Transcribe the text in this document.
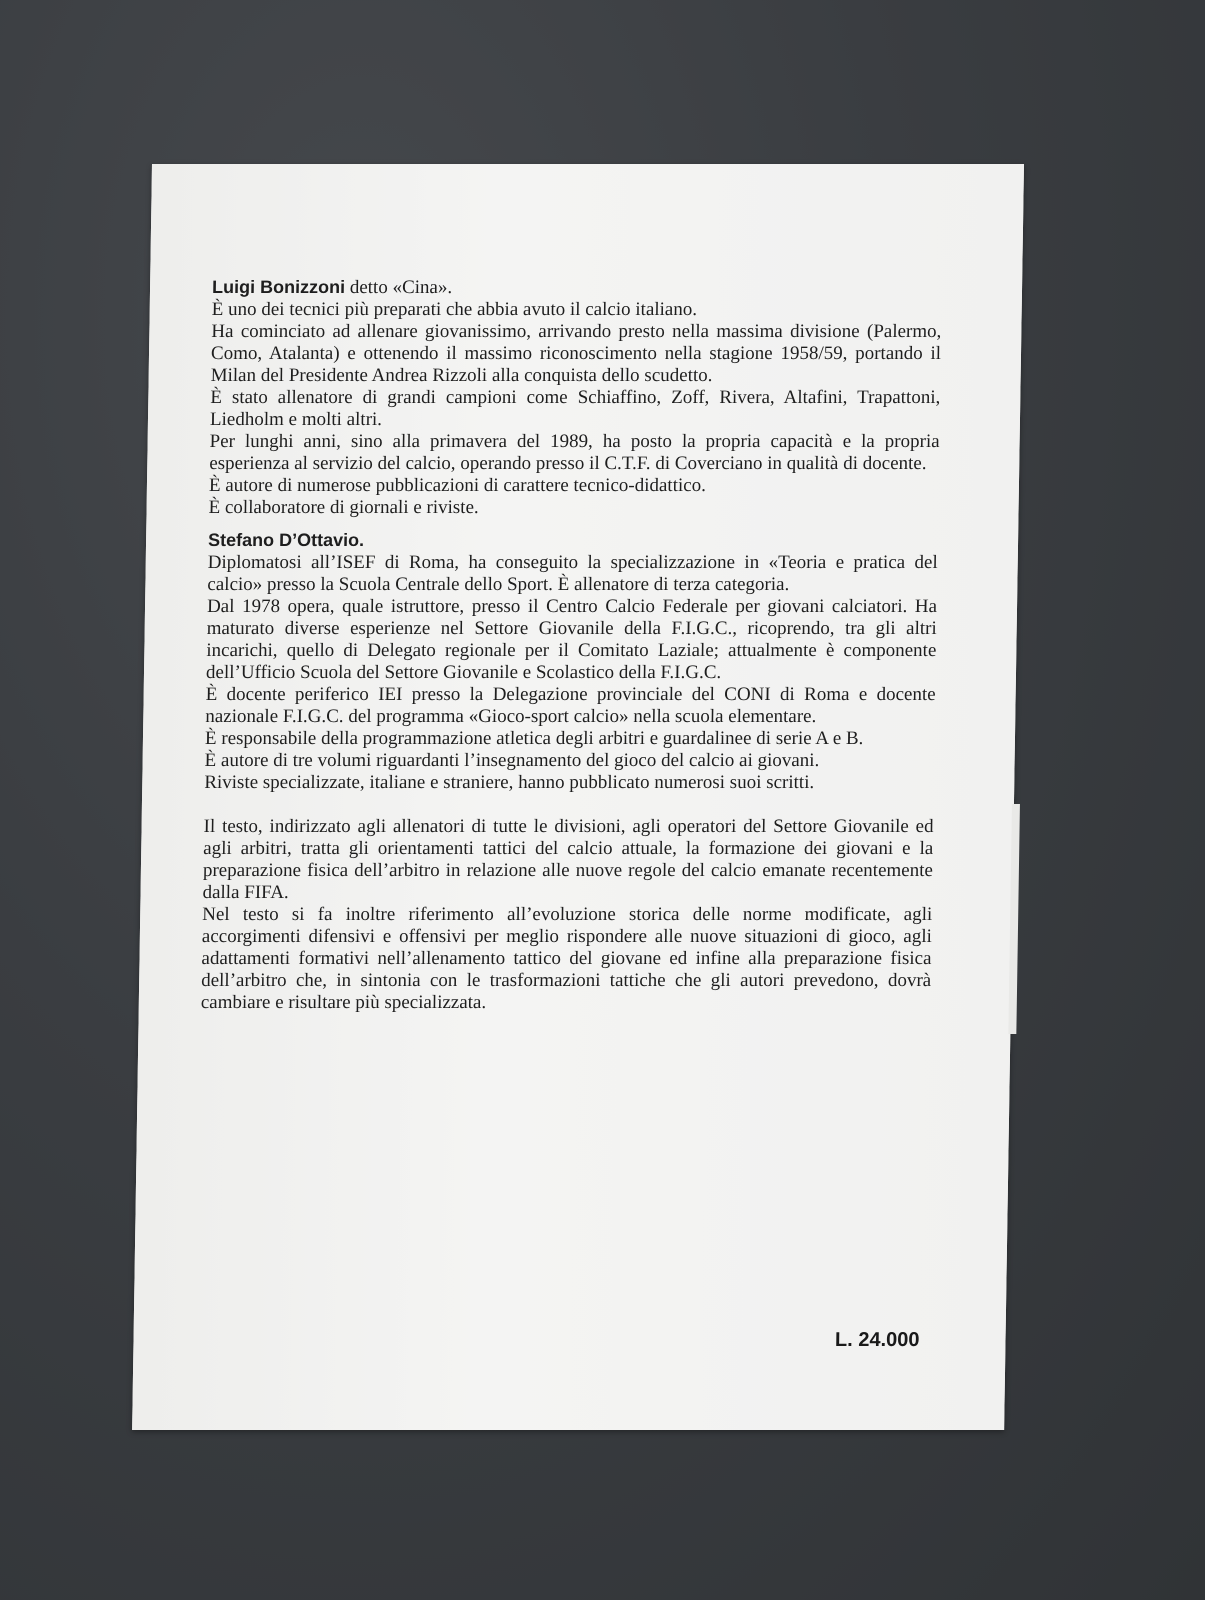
Luigi Bonizzoni detto «Cina».

È uno dei tecnici più preparati che abbia avuto il calcio italiano.

Ha cominciato ad allenare giovanissimo, arrivando presto nella massima divisione (Palermo, Como, Atalanta) e ottenendo il massimo riconoscimento nella stagione 1958/59, portando il Milan del Presidente Andrea Rizzoli alla conquista dello scudetto.

È stato allenatore di grandi campioni come Schiaffino, Zoff, Rivera, Altafini, Trapattoni, Liedholm e molti altri.

Per lunghi anni, sino alla primavera del 1989, ha posto la propria capacità e la propria esperienza al servizio del calcio, operando presso il C.T.F. di Coverciano in qualità di docente.

È autore di numerose pubblicazioni di carattere tecnico-didattico.

È collaboratore di giornali e riviste.

Stefano D’Ottavio.

Diplomatosi all’ISEF di Roma, ha conseguito la specializzazione in «Teoria e pratica del calcio» presso la Scuola Centrale dello Sport. È allenatore di terza categoria.

Dal 1978 opera, quale istruttore, presso il Centro Calcio Federale per giovani calciatori. Ha maturato diverse esperienze nel Settore Giovanile della F.I.G.C., ricoprendo, tra gli altri incarichi, quello di Delegato regionale per il Comitato Laziale; attualmente è componente dell’Ufficio Scuola del Settore Giovanile e Scolastico della F.I.G.C.

È docente periferico IEI presso la Delegazione provinciale del CONI di Roma e docente nazionale F.I.G.C. del programma «Gioco-sport calcio» nella scuola elementare.

È responsabile della programmazione atletica degli arbitri e guardalinee di serie A e B.

È autore di tre volumi riguardanti l’insegnamento del gioco del calcio ai giovani.

Riviste specializzate, italiane e straniere, hanno pubblicato numerosi suoi scritti.

Il testo, indirizzato agli allenatori di tutte le divisioni, agli operatori del Settore Giovanile ed agli arbitri, tratta gli orientamenti tattici del calcio attuale, la formazione dei giovani e la preparazione fisica dell’arbitro in relazione alle nuove regole del calcio emanate recentemente dalla FIFA.

Nel testo si fa inoltre riferimento all’evoluzione storica delle norme modificate, agli accorgimenti difensivi e offensivi per meglio rispondere alle nuove situazioni di gioco, agli adattamenti formativi nell’allenamento tattico del giovane ed infine alla preparazione fisica dell’arbitro che, in sintonia con le trasformazioni tattiche che gli autori prevedono, dovrà cambiare e risultare più specializzata.

L. 24.000
